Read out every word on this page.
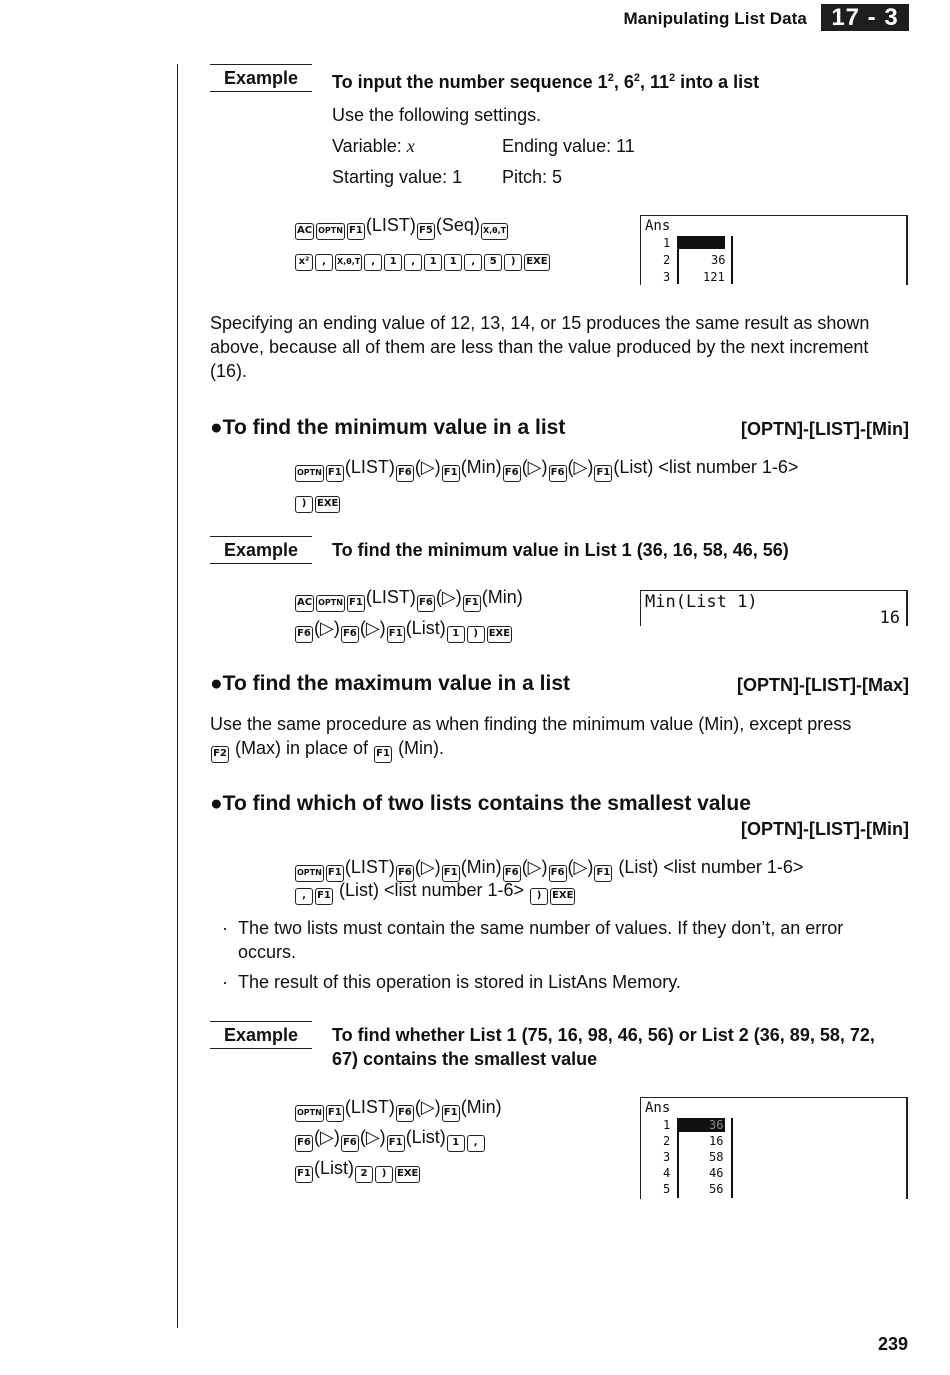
Manipulating List Data	17 - 3
Example	To input the number sequence $1^2$, $6^2$, $11^2$ into a list
Use the following settings.
Variable: x	Ending value: 11
Starting value: 1 Pitch: 5
AC OPTN F1 (LIST) F5 (Seq) X,θ,T
x² , X,θ,T , 1 , 1 1 , 5 ) EXE
Ans
1	1
2	36
3	121
Specifying an ending value of 12, 13, 14, or 15 produces the same result as shown above, because all of them are less than the value produced by the next increment (16).
●To find the minimum value in a list	[OPTN]-[LIST]-[Min]
OPTN F1 (LIST) F6 (▷) F1 (Min) F6 (▷) F6 (▷) F1 (List) <list number 1-6>
) EXE
Example	To find the minimum value in List 1 (36, 16, 58, 46, 56)
AC OPTN F1 (LIST) F6 (▷) F1 (Min)
F6 (▷) F6 (▷) F1 (List) 1 ) EXE
Min(List 1)
16
●To find the maximum value in a list	[OPTN]-[LIST]-[Max]
Use the same procedure as when finding the minimum value (Min), except press
F2 (Max) in place of F1 (Min).
●To find which of two lists contains the smallest value
[OPTN]-[LIST]-[Min]
OPTN F1 (LIST) F6 (▷) F1 (Min) F6 (▷) F6 (▷) F1 (List) <list number 1-6>
, F1 (List) <list number 1-6> ) EXE
· The two lists must contain the same number of values. If they don’t, an error
occurs.
· The result of this operation is stored in ListAns Memory.
Example	To find whether List 1 (75, 16, 98, 46, 56) or List 2 (36, 89, 58, 72,
67) contains the smallest value
OPTN F1 (LIST) F6 (▷) F1 (Min)
F6 (▷) F6 (▷) F1 (List) 1 ,
F1 (List) 2 ) EXE
Ans
1	36
2	16
3	58
4	46
5	56
239
